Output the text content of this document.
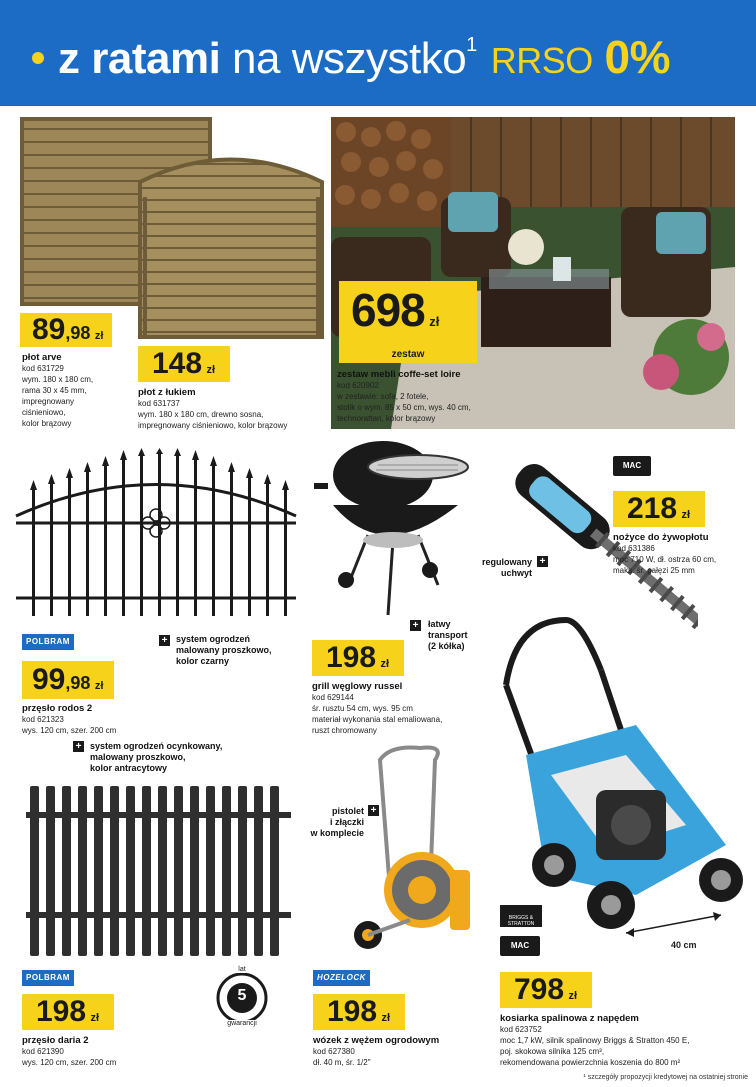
z ratami na wszystko$^1$ RRSO 0%
89,98 zł
płot arve
kod 631729
wym. 180 x 180 cm,
rama 30 x 45 mm,
impregnowany
ciśnieniowo,
kolor brązowy
148 zł
płot z łukiem
kod 631737
wym. 180 x 180 cm, drewno sosna,
impregnowany ciśnieniowo, kolor brązowy
698 zł
zestaw
zestaw mebli coffe-set loire
kod 620902
w zestawie: sofa, 2 fotele,
stolik o wym. 85 x 50 cm, wys. 40 cm,
technorattan, kolor brązowy
POLBRAM	+ system ogrodzeń
malowany proszkowo,
kolor czarny
99,98 zł
przęsło rodos 2
kod 621323
wys. 120 cm, szer. 200 cm
+ system ogrodzeń ocynkowany,
malowany proszkowo,
kolor antracytowy
POLBRAM
198 zł
przęsło daria 2
kod 621390
wys. 120 cm, szer. 200 cm
lat
5
gwarancji
+ łatwy
transport
(2 kółka)
198 zł
grill węglowy russel
kod 629144
śr. rusztu 54 cm, wys. 95 cm
materiał wykonania stal emaliowana,
ruszt chromowany
MAC
218 zł
nożyce do żywopłotu
kod 631386
moc 710 W, dł. ostrza 60 cm,
maks. śr. gałęzi 25 mm
regulowany
uchwyt
+
pistolet
i złączki
w komplecie
+
HOZELOCK
198 zł
wózek z wężem ogrodowym
kod 627380
dł. 40 m, śr. 1/2"
40 cm
BRIGGS & STRATTON SILNIKI
MAC
798 zł
kosiarka spalinowa z napędem
kod 623752
moc 1,7 kW, silnik spalinowy Briggs & Stratton 450 E,
poj. skokowa silnika 125 cm³,
rekomendowana powierzchnia koszenia do 800 m²
¹ szczegóły propozycji kredytowej na ostatniej stronie
